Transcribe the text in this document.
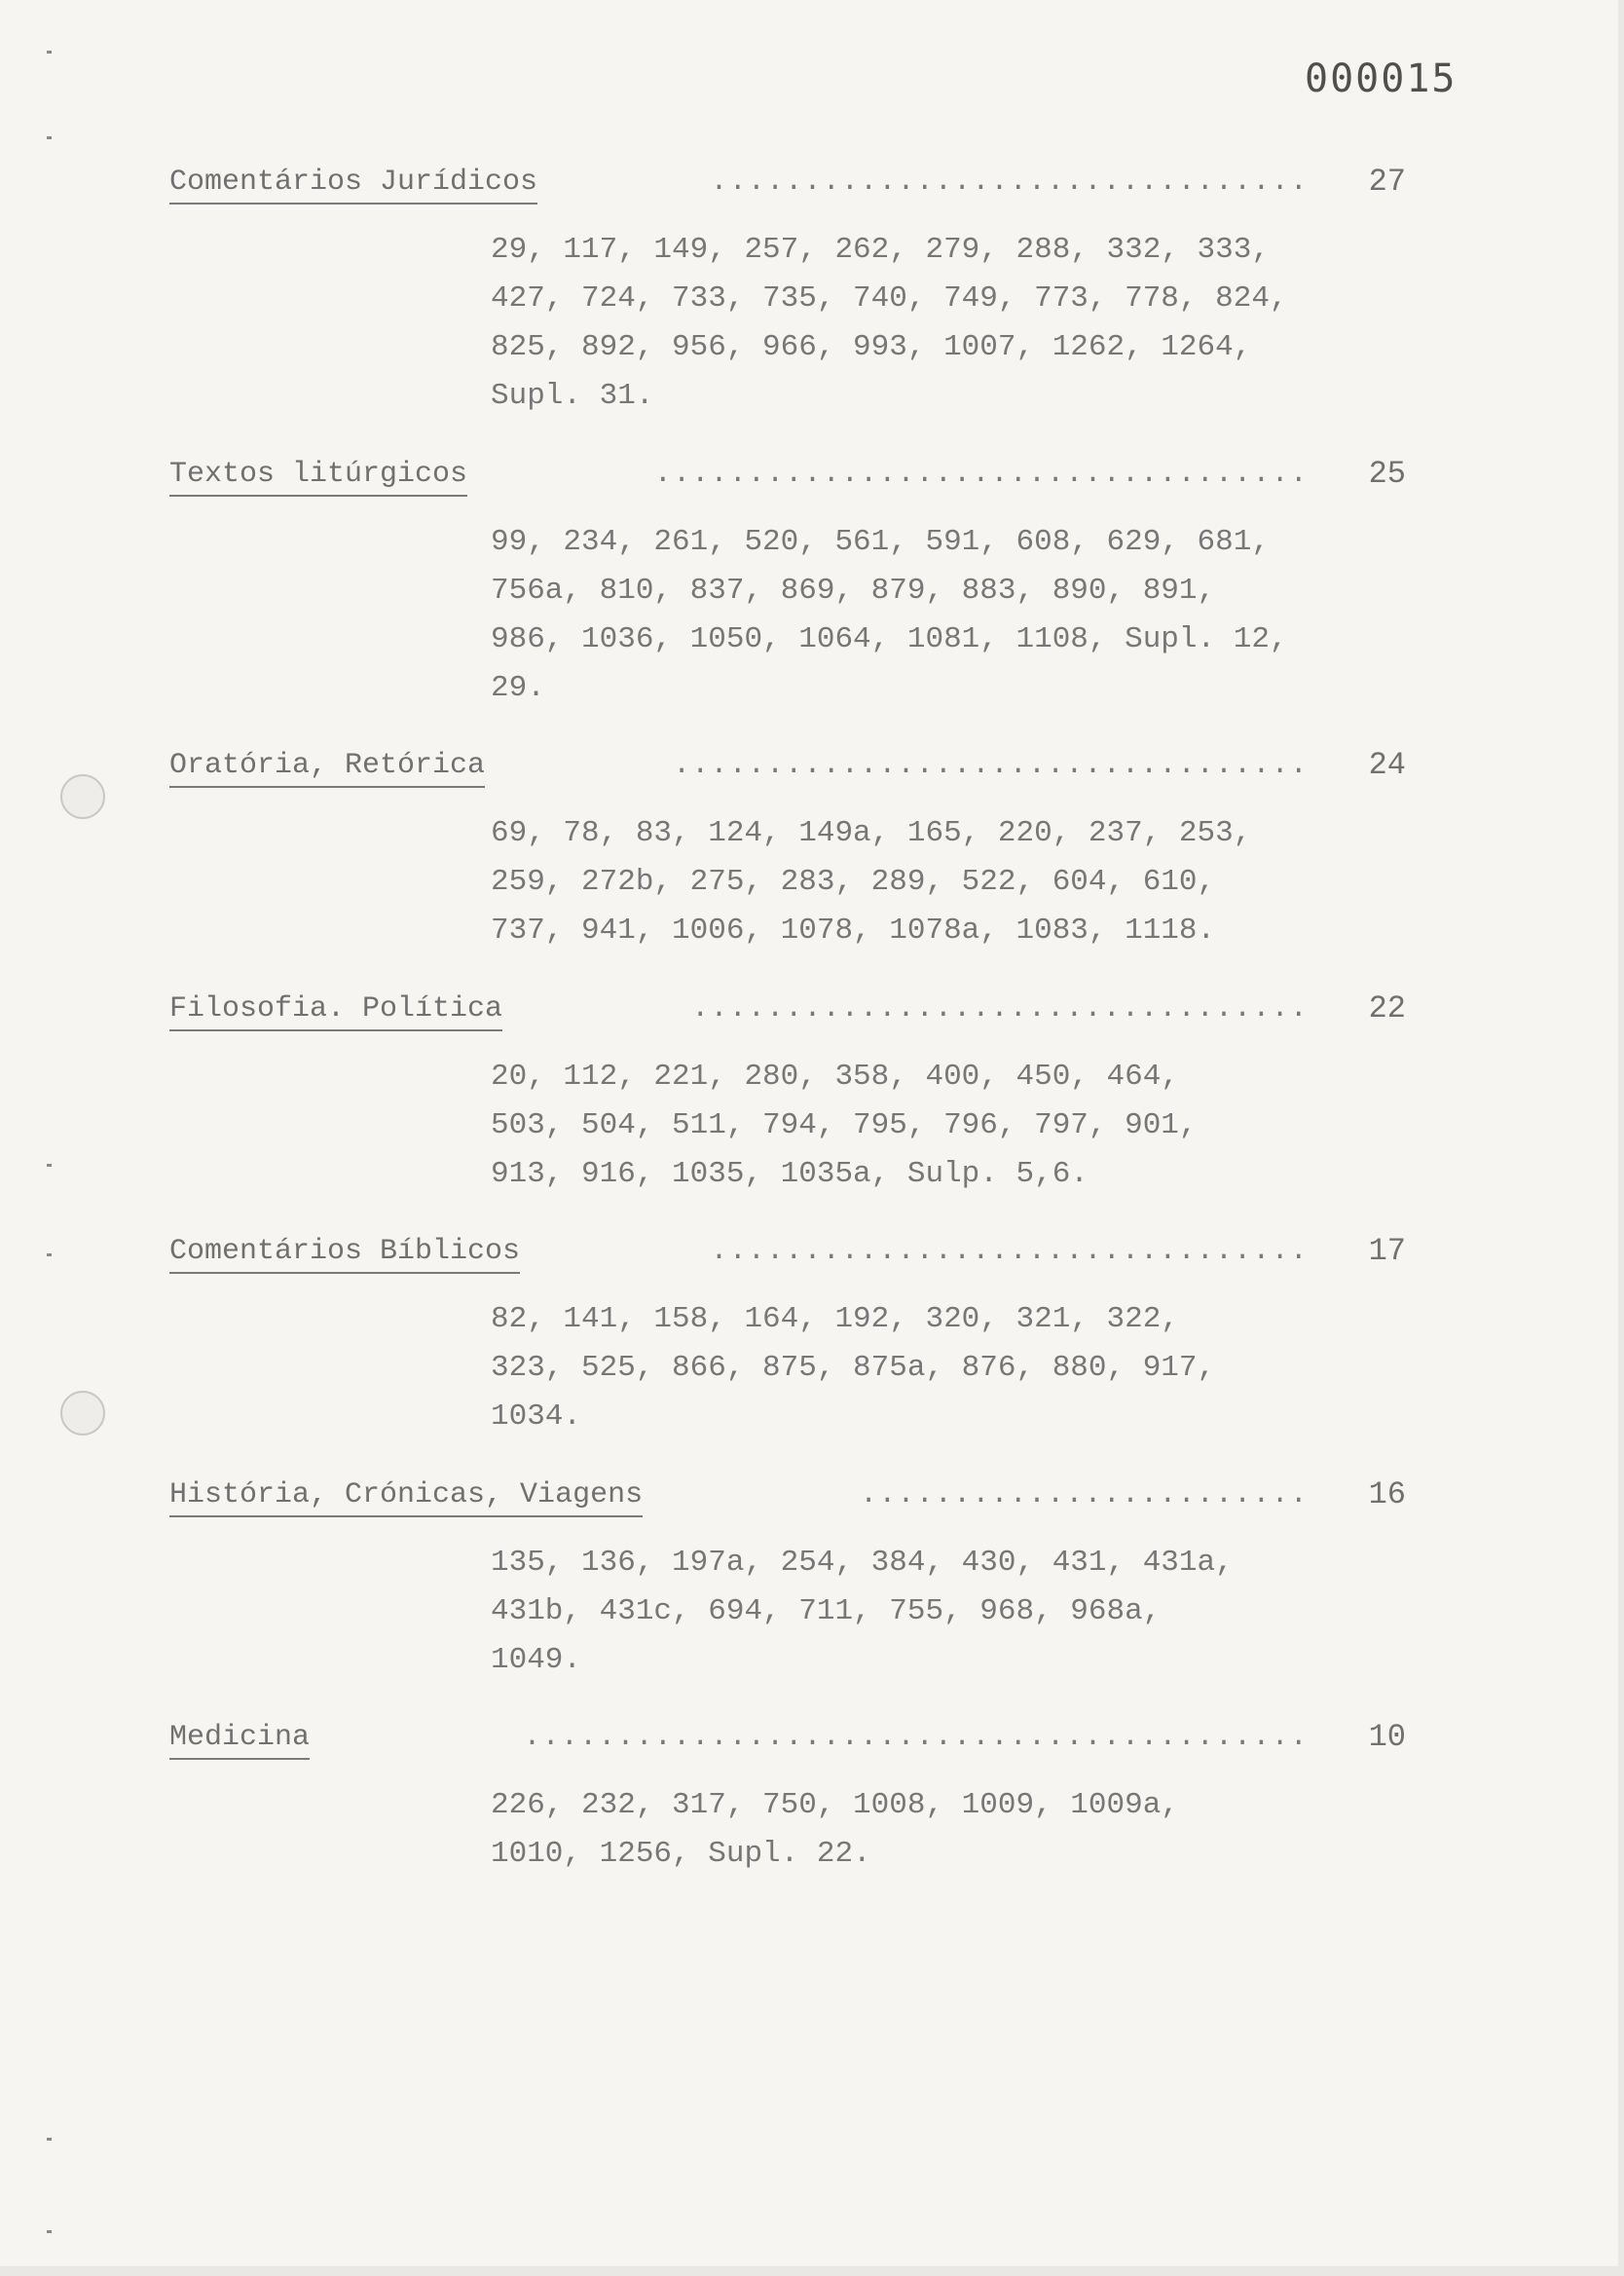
000015
Comentários Jurídicos	................................ 27
29, 117, 149, 257, 262, 279, 288, 332, 333,
427, 724, 733, 735, 740, 749, 773, 778, 824,
825, 892, 956, 966, 993, 1007, 1262, 1264,
Supl. 31.
Textos litúrgicos	................................... 25
99, 234, 261, 520, 561, 591, 608, 629, 681,
756a, 810, 837, 869, 879, 883, 890, 891,
986, 1036, 1050, 1064, 1081, 1108, Supl. 12,
29.
Oratória, Retórica	.................................. 24
69, 78, 83, 124, 149a, 165, 220, 237, 253,
259, 272b, 275, 283, 289, 522, 604, 610,
737, 941, 1006, 1078, 1078a, 1083, 1118.
Filosofia. Política	................................. 22
20, 112, 221, 280, 358, 400, 450, 464,
503, 504, 511, 794, 795, 796, 797, 901,
913, 916, 1035, 1035a, Sulp. 5,6.
Comentários Bíblicos	................................ 17
82, 141, 158, 164, 192, 320, 321, 322,
323, 525, 866, 875, 875a, 876, 880, 917,
1034.
História, Crónicas, Viagens	........................ 16
135, 136, 197a, 254, 384, 430, 431, 431a,
431b, 431c, 694, 711, 755, 968, 968a,
1049.
Medicina	.......................................... 10
226, 232, 317, 750, 1008, 1009, 1009a,
1010, 1256, Supl. 22.
